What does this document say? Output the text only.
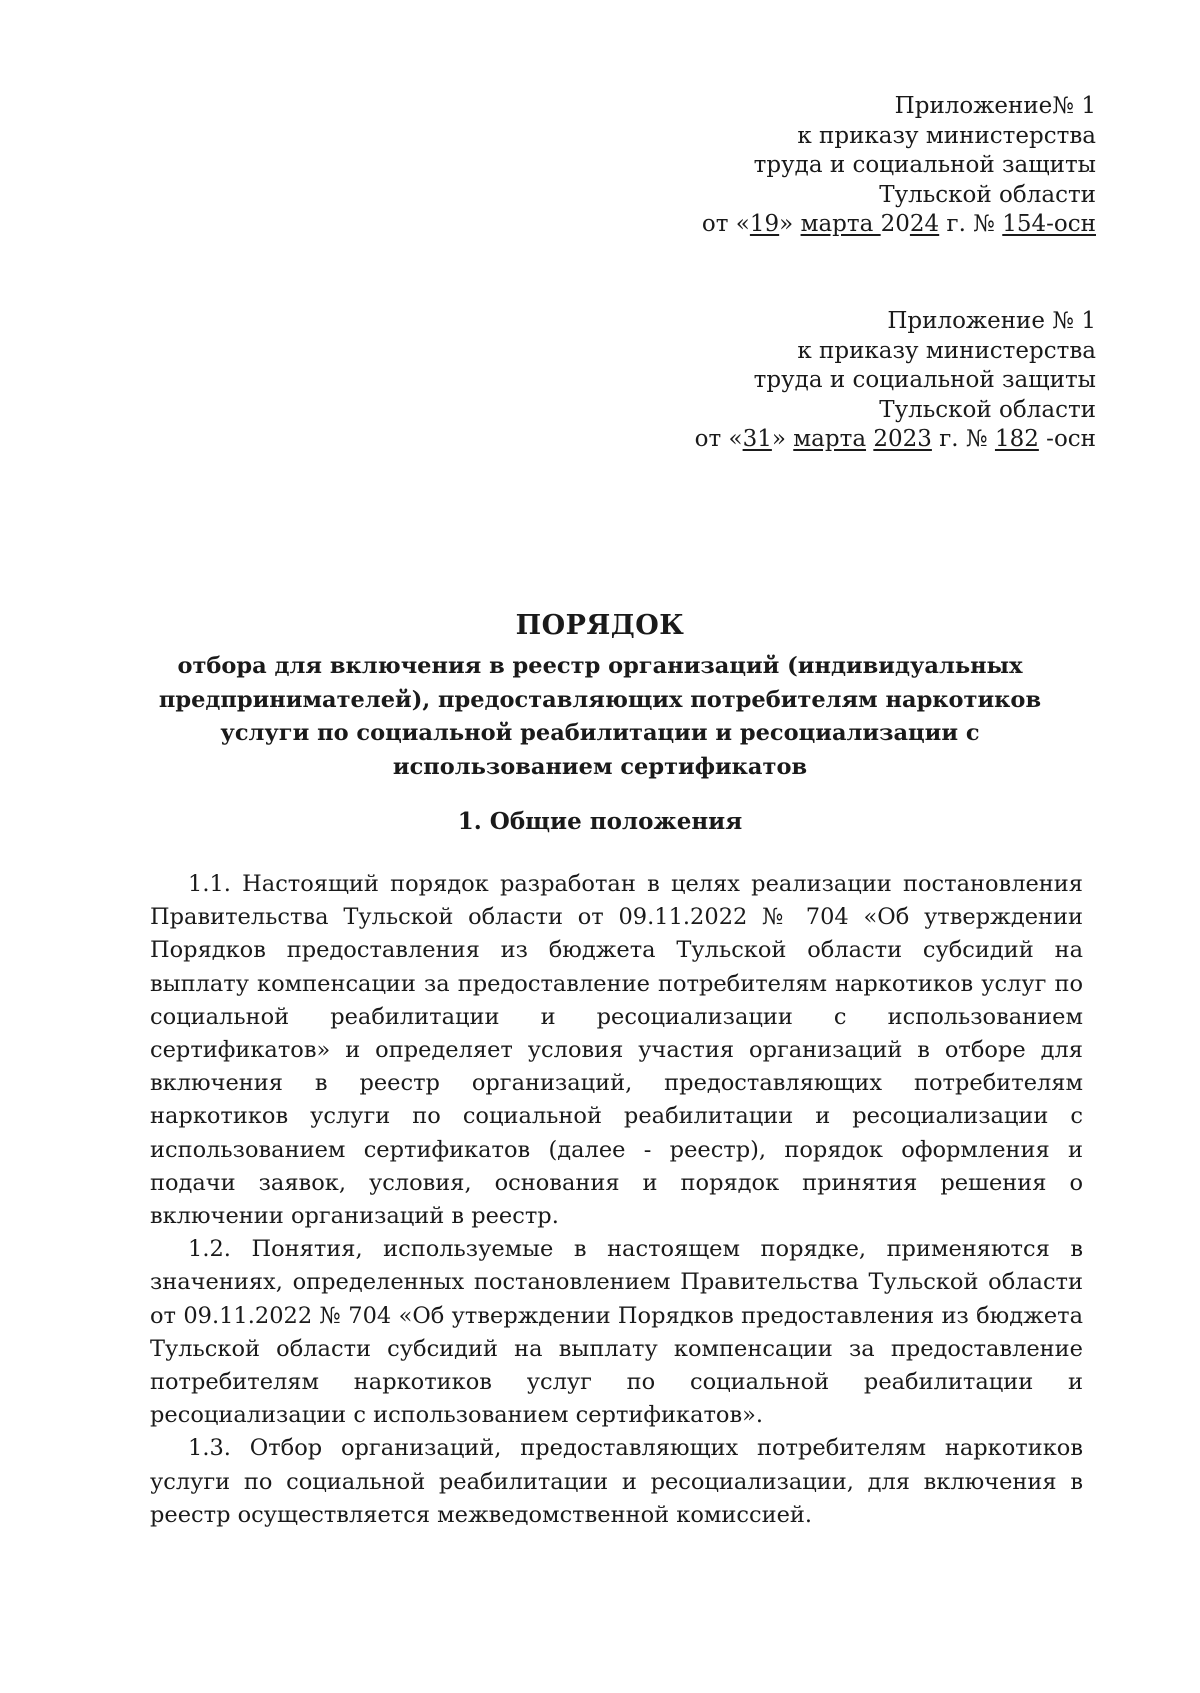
Приложение№ 1
к приказу министерства
труда и социальной защиты
Тульской области
от «19» марта 2024 г. № 154-осн
Приложение № 1
к приказу министерства
труда и социальной защиты
Тульской области
от «31» марта 2023 г. № 182 -осн
ПОРЯДОК
отбора для включения в реестр организаций (индивидуальных предпринимателей), предоставляющих потребителям наркотиков услуги по социальной реабилитации и ресоциализации с использованием сертификатов
1. Общие положения

1.1. Настоящий порядок разработан в целях реализации постановления Правительства Тульской области от 09.11.2022 № 704 «Об утверждении Порядков предоставления из бюджета Тульской области субсидий на выплату компенсации за предоставление потребителям наркотиков услуг по социальной реабилитации и ресоциализации с использованием сертификатов» и определяет условия участия организаций в отборе для включения в реестр организаций, предоставляющих потребителям наркотиков услуги по социальной реабилитации и ресоциализации с использованием сертификатов (далее - реестр), порядок оформления и подачи заявок, условия, основания и порядок принятия решения о включении организаций в реестр.

1.2. Понятия, используемые в настоящем порядке, применяются в значениях, определенных постановлением Правительства Тульской области от 09.11.2022 № 704 «Об утверждении Порядков предоставления из бюджета Тульской области субсидий на выплату компенсации за предоставление потребителям наркотиков услуг по социальной реабилитации и ресоциализации с использованием сертификатов».

1.3. Отбор организаций, предоставляющих потребителям наркотиков услуги по социальной реабилитации и ресоциализации, для включения в реестр осуществляется межведомственной комиссией.
